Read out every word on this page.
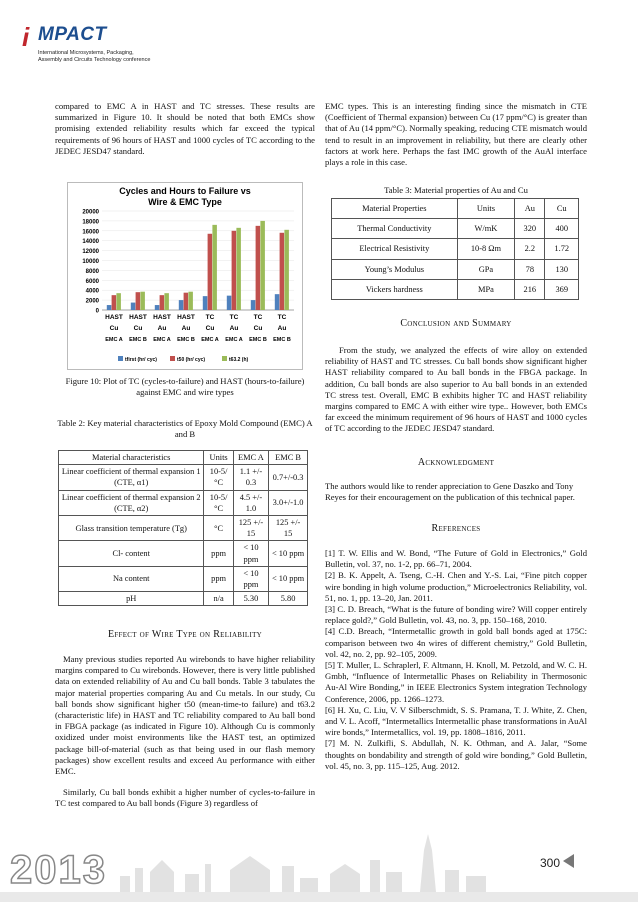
i MPACT
International Microsystems, Packaging,
Assembly and Circuits Technology conference

compared to EMC A in HAST and TC stresses. These results are summarized in Figure 10. It should be noted that both EMCs show promising extended reliability results which far exceed the typical requirements of 96 hours of HAST and 1000 cycles of TC according to the JEDEC JESD47 standard.

Cycles and Hours to Failure vs
Wire & EMC Type
0
2000
4000
6000
8000
10000
12000
14000
16000
18000
20000
HAST
Cu
EMC A
HAST
Cu
EMC B
HAST
Au
EMC A
HAST
Au
EMC B
TC
Cu
EMC A
TC
Au
EMC A
TC
Cu
EMC B
TC
Au
EMC B
tfirst (hr/ cyc)	t50 (hr/ cyc)	t63.2 (h)
Figure 10: Plot of TC (cycles-to-failure) and HAST (hours-to-failure) against EMC and wire types
Table 2: Key material characteristics of Epoxy Mold Compound (EMC) A and B
Material characteristics	Units	EMC A	EMC B
Linear coefficient of thermal expansion 1 (CTE, α1)	10-5/°C	1.1 +/- 0.3	0.7+/-0.3
Linear coefficient of thermal expansion 2 (CTE, α2)	10-5/°C	4.5 +/- 1.0	3.0+/-1.0
Glass transition temperature (Tg)	°C	125 +/- 15	125 +/- 15
Cl- content	ppm	< 10 ppm	< 10 ppm
Na content	ppm	< 10 ppm	< 10 ppm
pH	n/a	5.30	5.80
Effect of Wire Type on Reliability

Many previous studies reported Au wirebonds to have higher reliability margins compared to Cu wirebonds. However, there is very little published data on extended reliability of Au and Cu ball bonds. Table 3 tabulates the major material properties comparing Au and Cu metals. In our study, Cu ball bonds show significant higher t50 (mean-time-to failure) and t63.2 (characteristic life) in HAST and TC reliability compared to Au ball bond in FBGA package (as indicated in Figure 10). Although Cu is commonly oxidized under moist environments like the HAST test, an optimized package bill-of-material (such as that being used in our flash memory packages) show excellent results and exceed Au performance with either EMC.

Similarly, Cu ball bonds exhibit a higher number of cycles-to-failure in TC test compared to Au ball bonds (Figure 3) regardless of

EMC types. This is an interesting finding since the mismatch in CTE (Coefficient of Thermal expansion) between Cu (17 ppm/°C) is greater than that of Au (14 ppm/°C). Normally speaking, reducing CTE mismatch would tend to result in an improvement in reliability, but there are clearly other factors at work here. Perhaps the fast IMC growth of the AuAl interface plays a role in this case.

Table 3: Material properties of Au and Cu
Material Properties	Units	Au	Cu
Thermal Conductivity	W/mK	320	400
Electrical Resistivity	10-8 Ωm	2.2	1.72
Young’s Modulus	GPa	78	130
Vickers hardness	MPa	216	369
Conclusion and Summary

From the study, we analyzed the effects of wire alloy on extended reliability of HAST and TC stresses. Cu ball bonds show significant higher HAST reliability compared to Au ball bonds in the FBGA package. In addition, Cu ball bonds are also superior to Au ball bonds in an extended TC stress test. Overall, EMC B exhibits higher TC and HAST reliability margins compared to EMC A with either wire type.. However, both EMCs far exceed the minimum requirement of 96 hours of HAST and 1000 cycles of TC according to the JEDEC JESD47 standard.

Acknowledgment

The authors would like to render appreciation to Gene Daszko and Tony Reyes for their encouragement on the publication of this technical paper.

References

[1] T. W. Ellis and W. Bond, “The Future of Gold in Electronics,” Gold Bulletin, vol. 37, no. 1-2, pp. 66–71, 2004.

[2] B. K. Appelt, A. Tseng, C.-H. Chen and Y.-S. Lai, “Fine pitch copper wire bonding in high volume production,” Microelectronics Reliability, vol. 51, no. 1, pp. 13–20, Jan. 2011.

[3] C. D. Breach, “What is the future of bonding wire? Will copper entirely replace gold?,” Gold Bulletin, vol. 43, no. 3, pp. 150–168, 2010.

[4] C.D. Breach, “Intermetallic growth in gold ball bonds aged at 175C: comparison between two 4n wires of different chemistry,” Gold Bulletin, vol. 42, no. 2, pp. 92–105, 2009.

[5] T. Muller, L. Schraplerl, F. Altmann, H. Knoll, M. Petzold, and W. C. H. Gmbh, “Influence of Intermetallic Phases on Reliability in Thermosonic Au-Al Wire Bonding,” in IEEE Electronics System integration Technology Conference, 2006, pp. 1266–1273.

[6] H. Xu, C. Liu, V. V Silberschmidt, S. S. Pramana, T. J. White, Z. Chen, and V. L. Acoff, “Intermetallics Intermetallic phase transformations in AuAl wire bonds,” Intermetallics, vol. 19, pp. 1808–1816, 2011.

[7] M. N. Zulkifli, S. Abdullah, N. K. Othman, and A. Jalar, “Some thoughts on bondability and strength of gold wire bonding,” Gold Bulletin, vol. 45, no. 3, pp. 115–125, Aug. 2012.

2013	300
